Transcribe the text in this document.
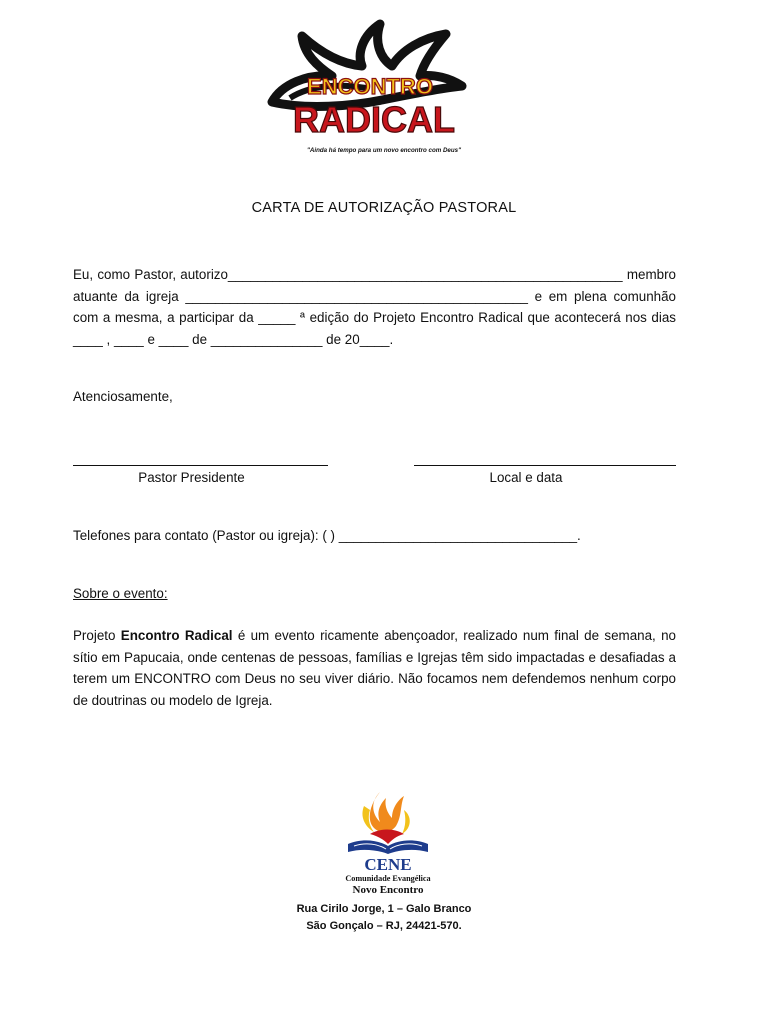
ENCONTRO
RADICAL
"Ainda há tempo para um novo encontro com Deus"
CARTA DE AUTORIZAÇÃO PASTORAL
Eu, como Pastor, autorizo_____________________________________________________ membro atuante da igreja ______________________________________________ e em plena comunhão com a mesma, a participar da _____ ª edição do Projeto Encontro Radical que acontecerá nos dias ____ , ____ e ____ de _______________ de 20____.
Atenciosamente,
Pastor Presidente	Local e data
Telefones para contato (Pastor ou igreja): ( ) ________________________________.
Sobre o evento:
Projeto Encontro Radical é um evento ricamente abençoador, realizado num final de semana, no sítio em Papucaia, onde centenas de pessoas, famílias e Igrejas têm sido impactadas e desafiadas a terem um ENCONTRO com Deus no seu viver diário. Não focamos nem defendemos nenhum corpo de doutrinas ou modelo de Igreja.
CENE
Comunidade Evangélica
Novo Encontro
Rua Cirilo Jorge, 1 – Galo Branco
São Gonçalo – RJ, 24421-570.
